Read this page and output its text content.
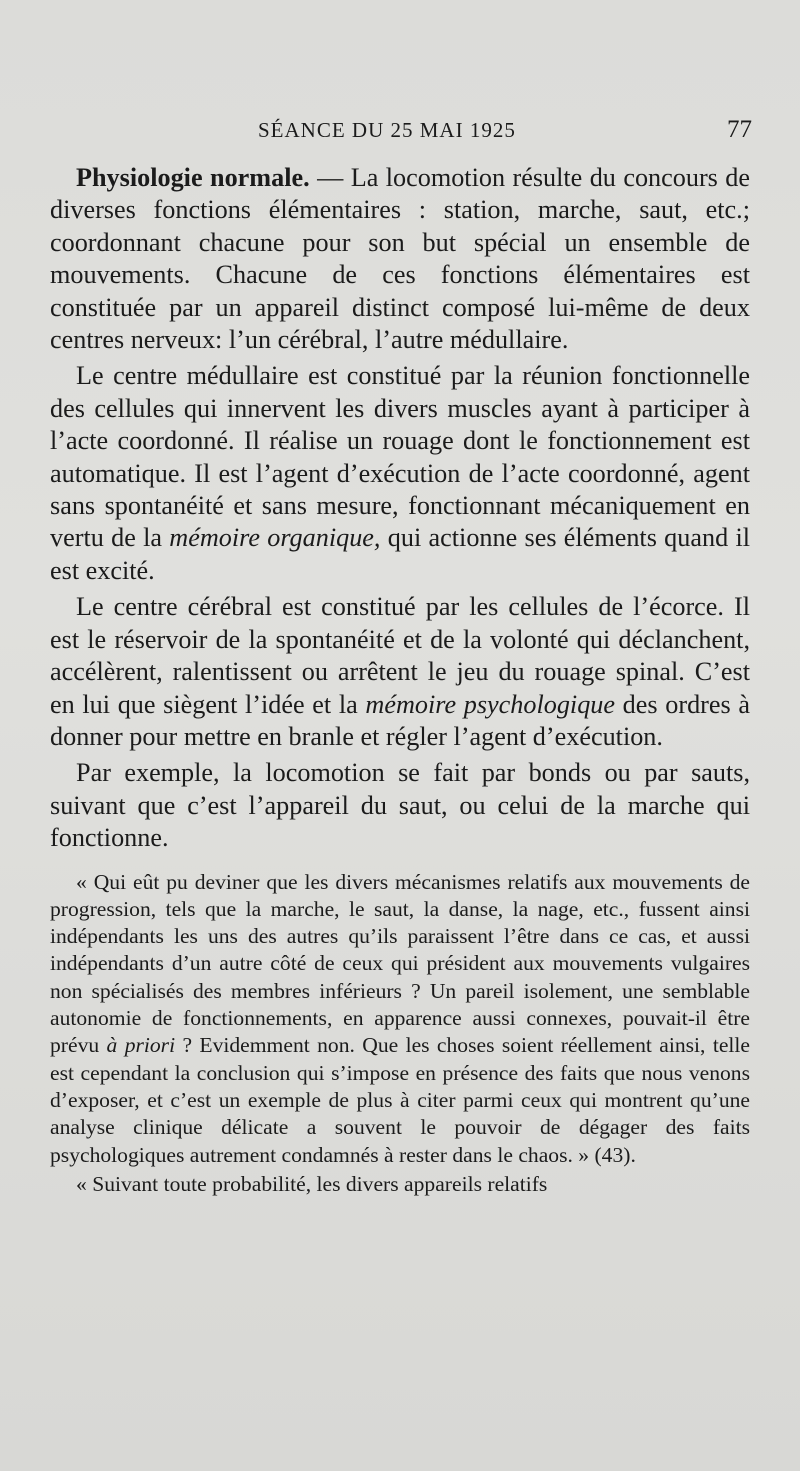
SÉANCE DU 25 MAI 1925	77

Physiologie normale. — La locomotion résulte du concours de diverses fonctions élémentaires : station, marche, saut, etc.; coordonnant chacune pour son but spécial un ensemble de mouvements. Chacune de ces fonctions élémentaires est constituée par un appareil distinct composé lui-même de deux centres nerveux: l’un cérébral, l’autre médullaire.

Le centre médullaire est constitué par la réunion fonctionnelle des cellules qui innervent les divers muscles ayant à participer à l’acte coordonné. Il réalise un rouage dont le fonctionnement est automatique. Il est l’agent d’exécution de l’acte coordonné, agent sans spontanéité et sans mesure, fonctionnant mécaniquement en vertu de la mémoire organique, qui actionne ses éléments quand il est excité.

Le centre cérébral est constitué par les cellules de l’écorce. Il est le réservoir de la spontanéité et de la volonté qui déclanchent, accélèrent, ralentissent ou arrêtent le jeu du rouage spinal. C’est en lui que siègent l’idée et la mémoire psychologique des ordres à donner pour mettre en branle et régler l’agent d’exécution.

Par exemple, la locomotion se fait par bonds ou par sauts, suivant que c’est l’appareil du saut, ou celui de la marche qui fonctionne.

« Qui eût pu deviner que les divers mécanismes relatifs aux mouvements de progression, tels que la marche, le saut, la danse, la nage, etc., fussent ainsi indépendants les uns des autres qu’ils paraissent l’être dans ce cas, et aussi indépendants d’un autre côté de ceux qui président aux mouvements vulgaires non spécialisés des membres inférieurs ? Un pareil isolement, une semblable autonomie de fonctionnements, en apparence aussi connexes, pouvait-il être prévu à priori ? Evidemment non. Que les choses soient réellement ainsi, telle est cependant la conclusion qui s’impose en présence des faits que nous venons d’exposer, et c’est un exemple de plus à citer parmi ceux qui montrent qu’une analyse clinique délicate a souvent le pouvoir de dégager des faits psychologiques autrement condamnés à rester dans le chaos. » (43).

« Suivant toute probabilité, les divers appareils relatifs
